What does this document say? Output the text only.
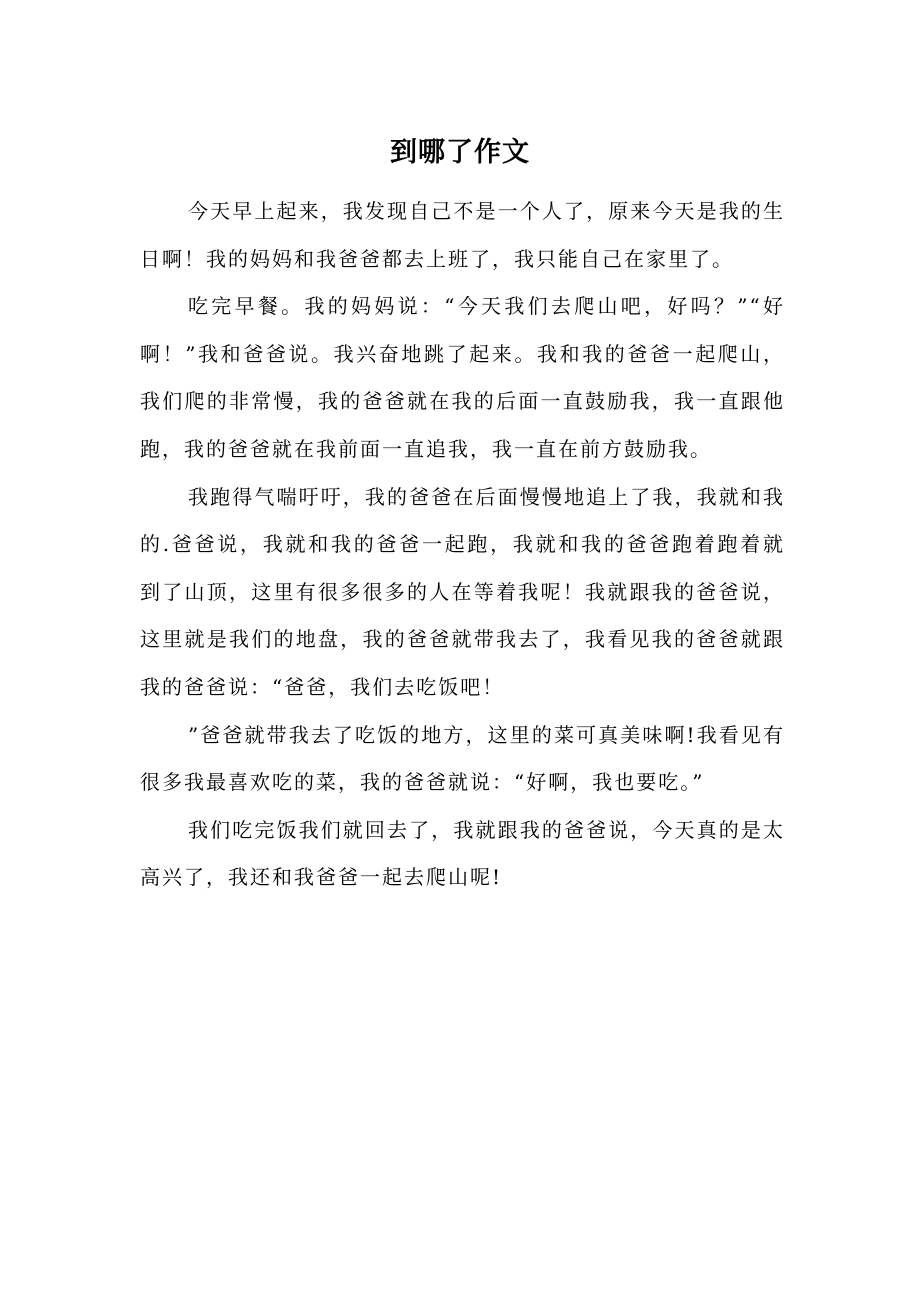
到哪了作文

今天早上起来，我发现自己不是一个人了，原来今天是我的生日啊！我的妈妈和我爸爸都去上班了，我只能自己在家里了。

吃完早餐。我的妈妈说：“今天我们去爬山吧，好吗？”“好啊！”我和爸爸说。我兴奋地跳了起来。我和我的爸爸一起爬山，我们爬的非常慢，我的爸爸就在我的后面一直鼓励我，我一直跟他跑，我的爸爸就在我前面一直追我，我一直在前方鼓励我。

我跑得气喘吁吁，我的爸爸在后面慢慢地追上了我，我就和我的.爸爸说，我就和我的爸爸一起跑，我就和我的爸爸跑着跑着就到了山顶，这里有很多很多的人在等着我呢！我就跟我的爸爸说，这里就是我们的地盘，我的爸爸就带我去了，我看见我的爸爸就跟我的爸爸说：“爸爸，我们去吃饭吧！

”爸爸就带我去了吃饭的地方，这里的菜可真美味啊!我看见有很多我最喜欢吃的菜，我的爸爸就说：“好啊，我也要吃。”

我们吃完饭我们就回去了，我就跟我的爸爸说，今天真的是太高兴了，我还和我爸爸一起去爬山呢!
